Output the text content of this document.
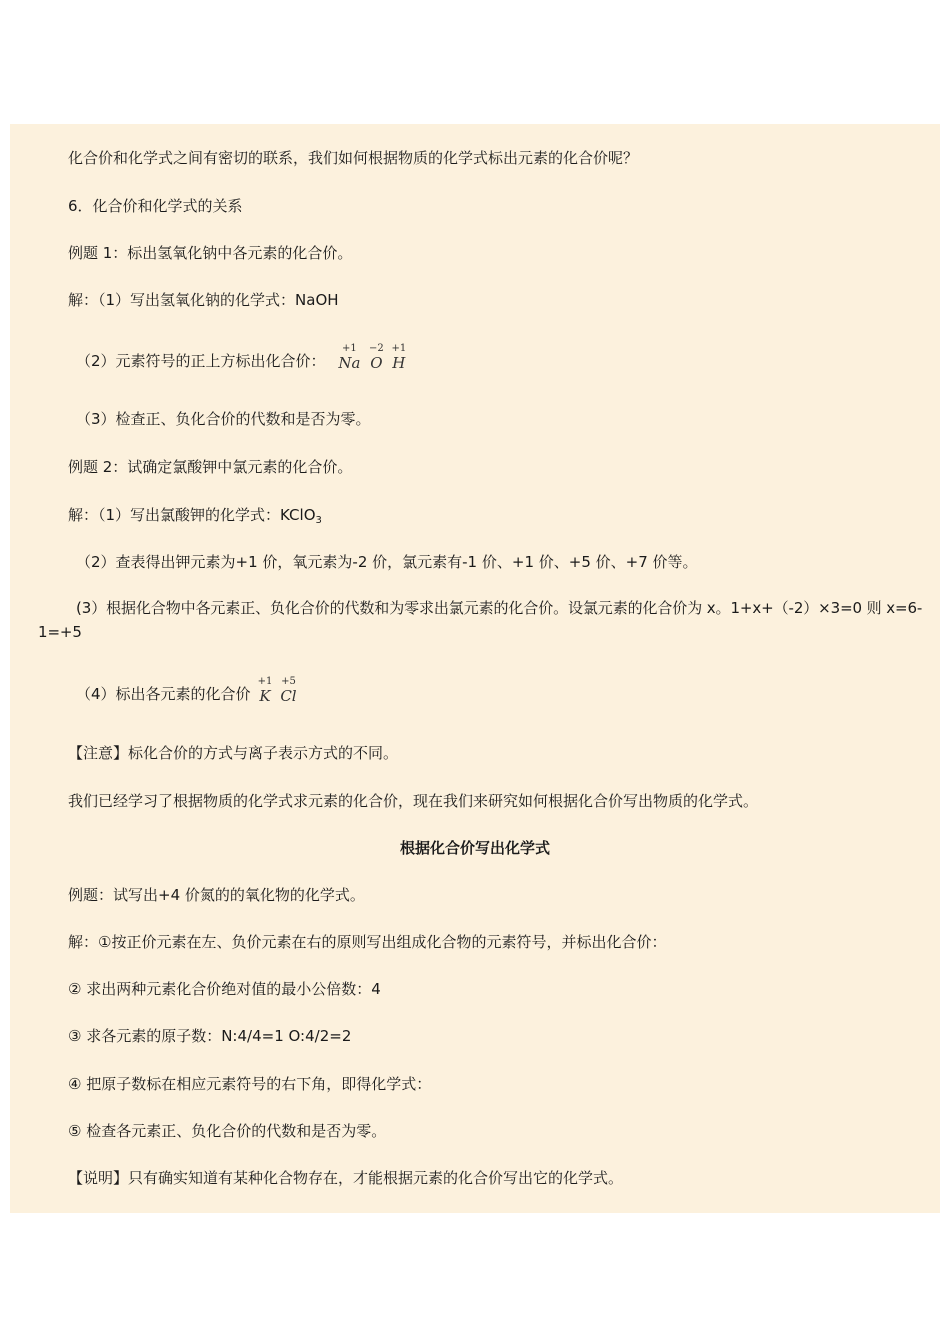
化合价和化学式之间有密切的联系，我们如何根据物质的化学式标出元素的化合价呢？
6．化合价和化学式的关系
例题 1：标出氢氧化钠中各元素的化合价。
解：（1）写出氢氧化钠的化学式：NaOH
（2）元素符号的正上方标出化合价：
+1
Na
−2
O
+1
H
（3）检查正、负化合价的代数和是否为零。
例题 2：试确定氯酸钾中氯元素的化合价。
解：（1）写出氯酸钾的化学式：KClO$_3$
（2）查表得出钾元素为+1 价，氧元素为-2 价，氯元素有-1 价、+1 价、+5 价、+7 价等。
(3）根据化合物中各元素正、负化合价的代数和为零求出氯元素的化合价。设氯元素的化合价为 x。1+x+（-2）×3=0 则 x=6-1=+5
（4）标出各元素的化合价
+1
K
+5
Cl
【注意】标化合价的方式与离子表示方式的不同。
我们已经学习了根据物质的化学式求元素的化合价，现在我们来研究如何根据化合价写出物质的化学式。
根据化合价写出化学式
例题：试写出+4 价氮的的氧化物的化学式。
解：①按正价元素在左、负价元素在右的原则写出组成化合物的元素符号，并标出化合价：
② 求出两种元素化合价绝对值的最小公倍数：4
③ 求各元素的原子数：N:4/4=1 O:4/2=2
④ 把原子数标在相应元素符号的右下角，即得化学式：
⑤ 检查各元素正、负化合价的代数和是否为零。
【说明】只有确实知道有某种化合物存在，才能根据元素的化合价写出它的化学式。
